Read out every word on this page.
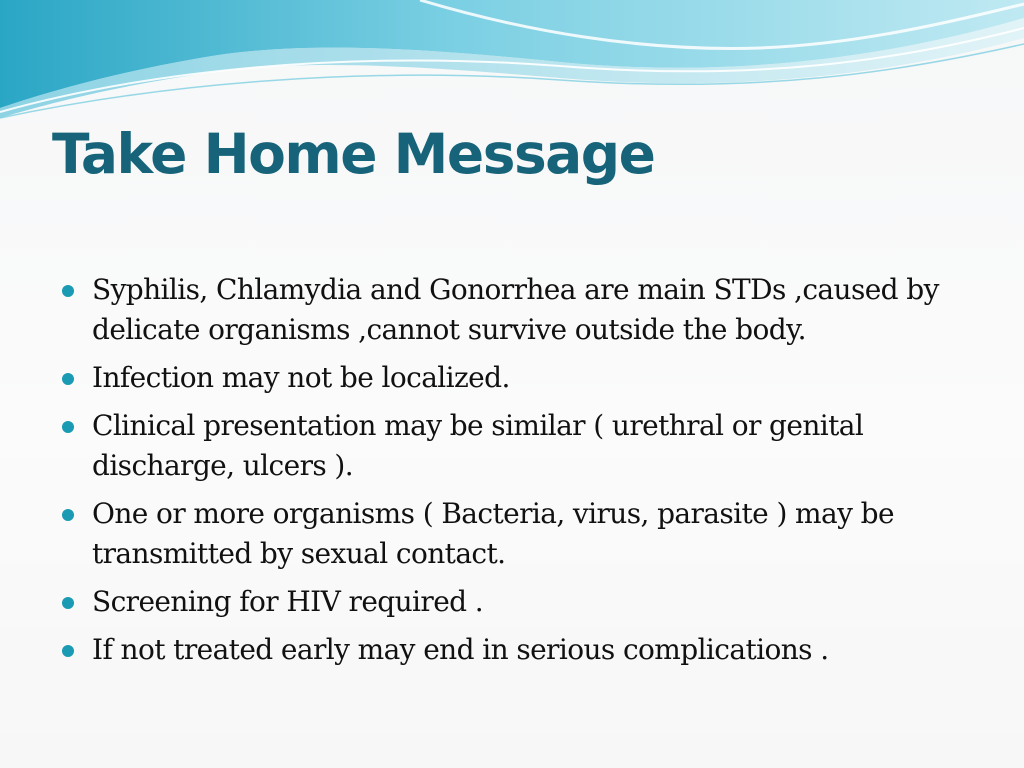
Take Home Message
Syphilis, Chlamydia and Gonorrhea are main STDs ,caused by delicate organisms ,cannot survive outside the body.
Infection may not be localized.
Clinical presentation may be similar ( urethral or genital discharge, ulcers ).
One or more organisms ( Bacteria, virus, parasite ) may be transmitted by sexual contact.
Screening for HIV required .
If not treated early may end in serious complications .
